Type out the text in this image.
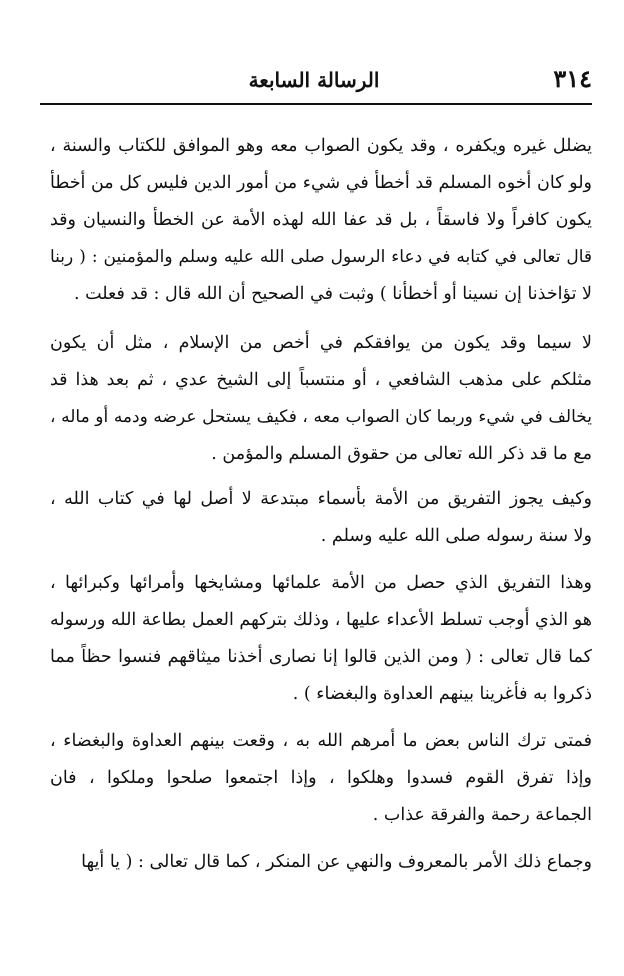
٣١٤
الرسالة السابعة
يضلل غيره ويكفره ، وقد يكون الصواب معه وهو الموافق للكتاب والسنة ،
ولو كان أخوه المسلم قد أخطأ في شيء من أمور الدين فليس كل من أخطأ
يكون كافراً ولا فاسقاً ، بل قد عفا الله لهذه الأمة عن الخطأ والنسيان وقد
قال تعالى في كتابه في دعاء الرسول صلى الله عليه وسلم والمؤمنين : ( ربنا
لا تؤاخذنا إن نسينا أو أخطأنا ) وثبت في الصحيح أن الله قال : قد فعلت .
لا سيما وقد يكون من يوافقكم في أخص من الإسلام ، مثل أن يكون
مثلكم على مذهب الشافعي ، أو منتسباً إلى الشيخ عدي ، ثم بعد هذا قد
يخالف في شيء وربما كان الصواب معه ، فكيف يستحل عرضه ودمه أو ماله ،
مع ما قد ذكر الله تعالى من حقوق المسلم والمؤمن .
وكيف يجوز التفريق من الأمة بأسماء مبتدعة لا أصل لها في كتاب الله ،
ولا سنة رسوله صلى الله عليه وسلم .
وهذا التفريق الذي حصل من الأمة علمائها ومشايخها وأمرائها وكبرائها ،
هو الذي أوجب تسلط الأعداء عليها ، وذلك بتركهم العمل بطاعة الله ورسوله
كما قال تعالى : ( ومن الذين قالوا إنا نصارى أخذنا ميثاقهم فنسوا حظاً مما
ذكروا به فأغرينا بينهم العداوة والبغضاء ) .
فمتى ترك الناس بعض ما أمرهم الله به ، وقعت بينهم العداوة والبغضاء ،
وإذا تفرق القوم فسدوا وهلكوا ، وإذا اجتمعوا صلحوا وملكوا ، فان
الجماعة رحمة والفرقة عذاب .
وجماع ذلك الأمر بالمعروف والنهي عن المنكر ، كما قال تعالى : ( يا أيها
